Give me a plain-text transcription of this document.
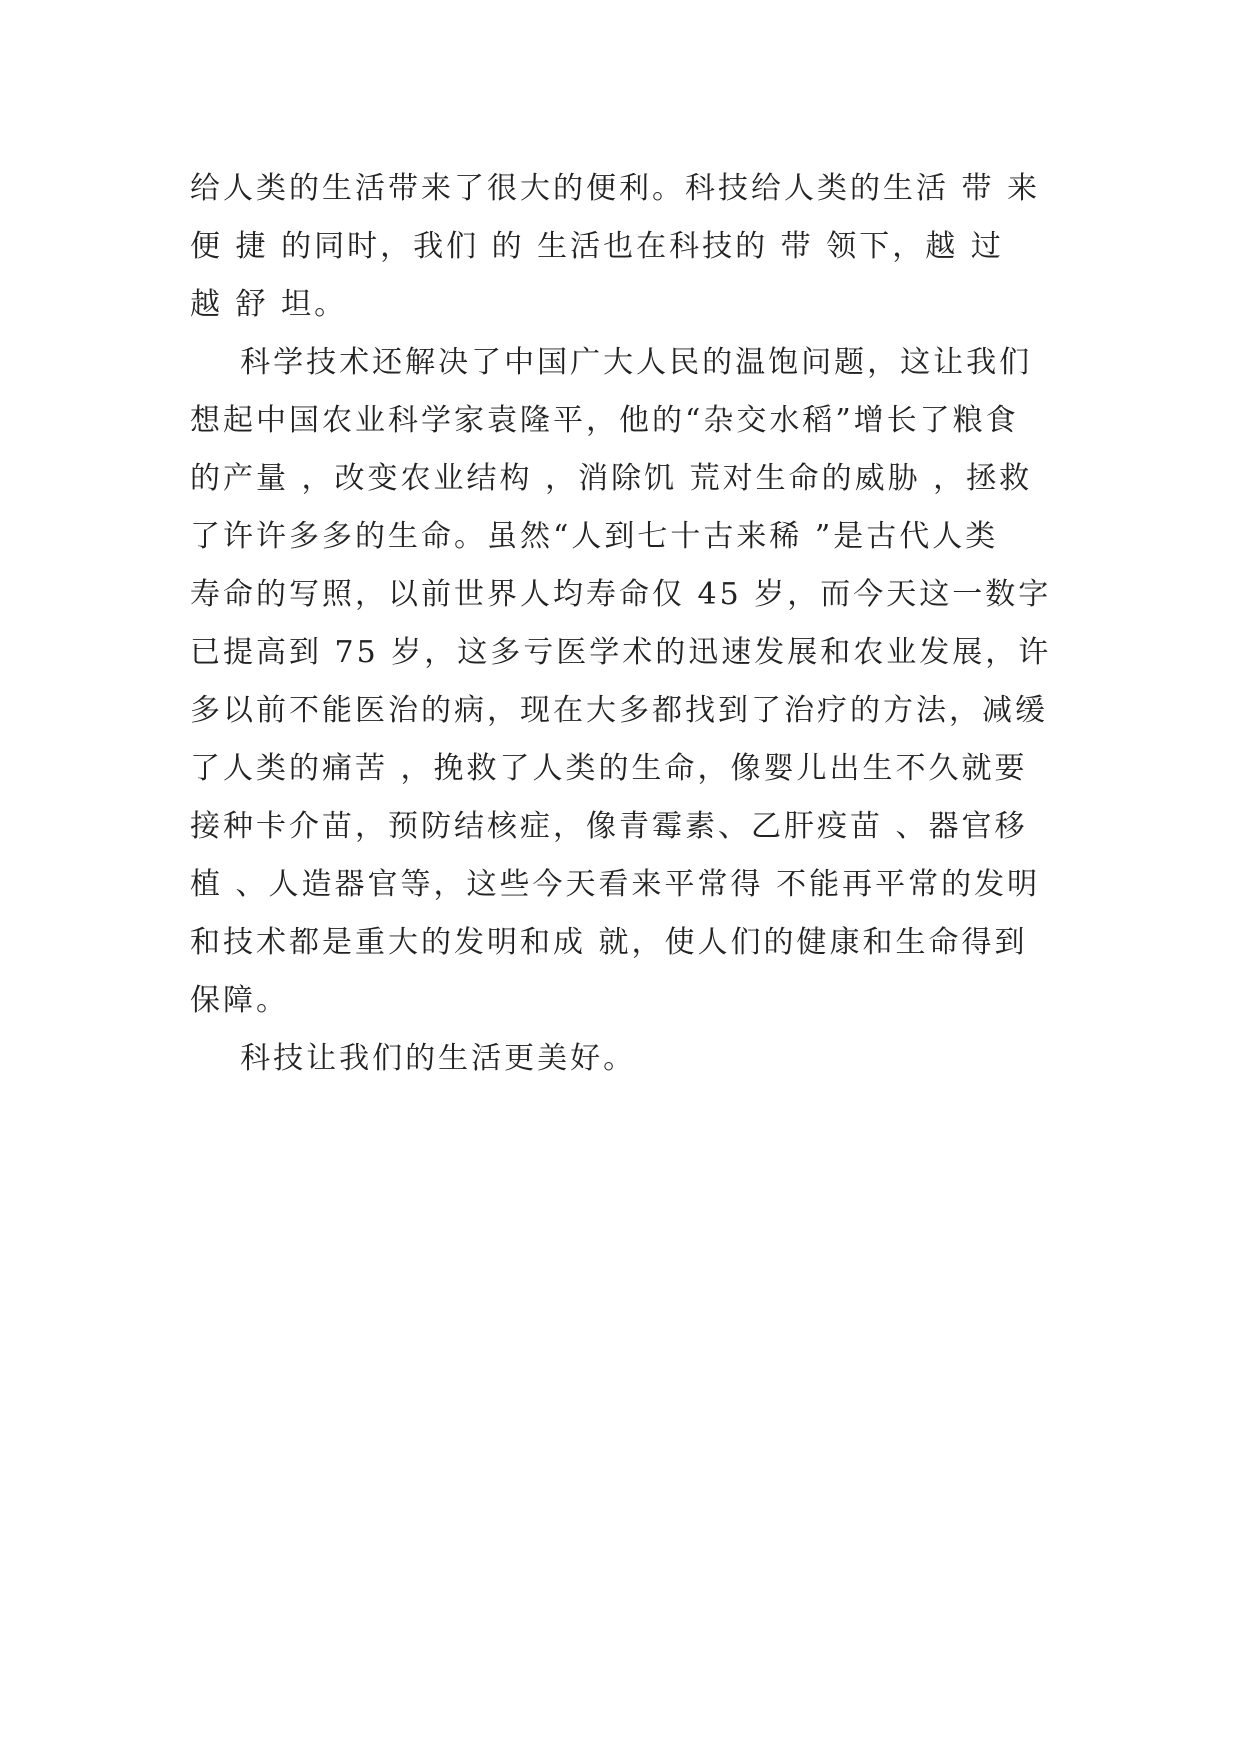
给人类的生活带来了很大的便利。科技给人类的生活 带 来
便 捷 的同时，我们 的 生活也在科技的 带 领下，越 过
越 舒 坦。
科学技术还解决了中国广大人民的温饱问题，这让我们
想起中国农业科学家袁隆平，他的“杂交水稻”增长了粮食
的产量 ，改变农业结构 ，消除饥 荒对生命的威胁 ，拯救
了许许多多的生命。虽然“人到七十古来稀 ”是古代人类
寿命的写照，以前世界人均寿命仅 45 岁，而今天这一数字
已提高到 75 岁，这多亏医学术的迅速发展和农业发展，许
多以前不能医治的病，现在大多都找到了治疗的方法，减缓
了人类的痛苦 ，挽救了人类的生命，像婴儿出生不久就要
接种卡介苗，预防结核症，像青霉素、乙肝疫苗 、器官移
植 、人造器官等，这些今天看来平常得 不能再平常的发明
和技术都是重大的发明和成 就，使人们的健康和生命得到
保障。
科技让我们的生活更美好。
